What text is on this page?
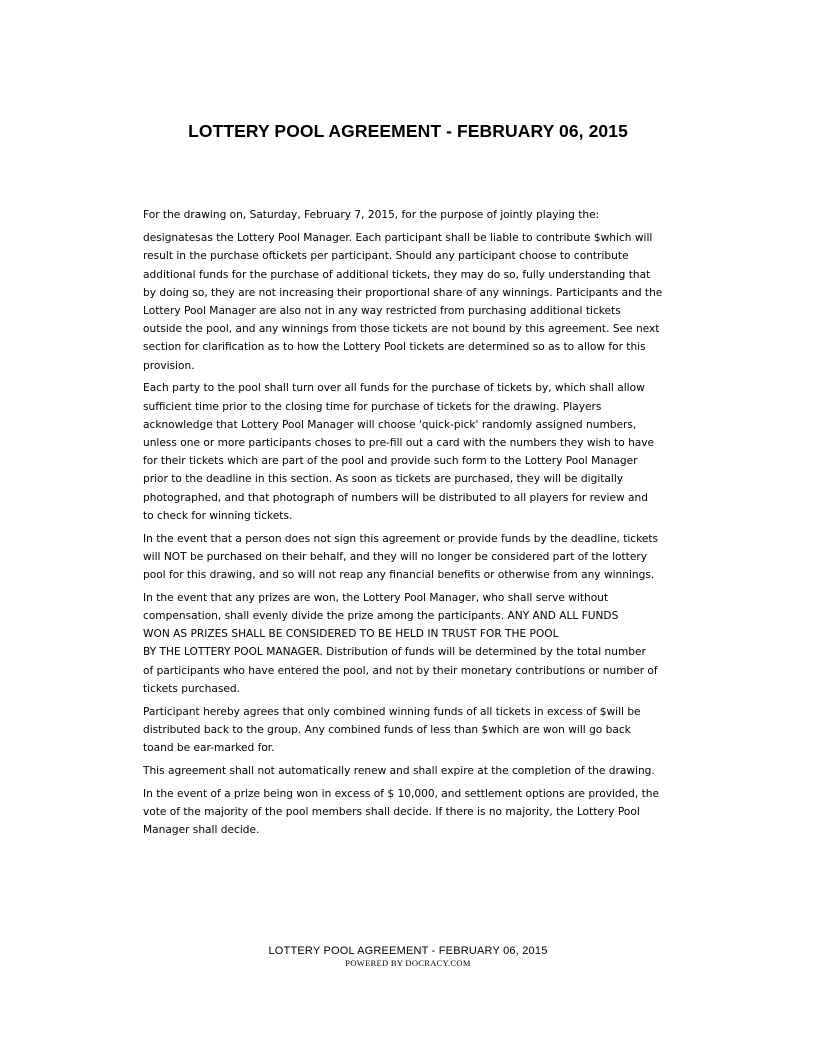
LOTTERY POOL AGREEMENT - FEBRUARY 06, 2015

For the drawing on, Saturday, February 7, 2015, for the purpose of jointly playing the:

designatesas the Lottery Pool Manager. Each participant shall be liable to contribute $which will
result in the purchase oftickets per participant. Should any participant choose to contribute
additional funds for the purchase of additional tickets, they may do so, fully understanding that
by doing so, they are not increasing their proportional share of any winnings. Participants and the
Lottery Pool Manager are also not in any way restricted from purchasing additional tickets
outside the pool, and any winnings from those tickets are not bound by this agreement. See next
section for clarification as to how the Lottery Pool tickets are determined so as to allow for this
provision.

Each party to the pool shall turn over all funds for the purchase of tickets by, which shall allow
sufficient time prior to the closing time for purchase of tickets for the drawing. Players
acknowledge that Lottery Pool Manager will choose 'quick-pick' randomly assigned numbers,
unless one or more participants choses to pre-fill out a card with the numbers they wish to have
for their tickets which are part of the pool and provide such form to the Lottery Pool Manager
prior to the deadline in this section. As soon as tickets are purchased, they will be digitally
photographed, and that photograph of numbers will be distributed to all players for review and
to check for winning tickets.

In the event that a person does not sign this agreement or provide funds by the deadline, tickets
will NOT be purchased on their behalf, and they will no longer be considered part of the lottery
pool for this drawing, and so will not reap any financial benefits or otherwise from any winnings.

In the event that any prizes are won, the Lottery Pool Manager, who shall serve without
compensation, shall evenly divide the prize among the participants. ANY AND ALL FUNDS
WON AS PRIZES SHALL BE CONSIDERED TO BE HELD IN TRUST FOR THE POOL
BY THE LOTTERY POOL MANAGER. Distribution of funds will be determined by the total number
of participants who have entered the pool, and not by their monetary contributions or number of
tickets purchased.

Participant hereby agrees that only combined winning funds of all tickets in excess of $will be
distributed back to the group. Any combined funds of less than $which are won will go back
toand be ear-marked for.

This agreement shall not automatically renew and shall expire at the completion of the drawing.

In the event of a prize being won in excess of $ 10,000, and settlement options are provided, the
vote of the majority of the pool members shall decide. If there is no majority, the Lottery Pool
Manager shall decide.

LOTTERY POOL AGREEMENT - FEBRUARY 06, 2015
POWERED BY DOCRACY.COM
